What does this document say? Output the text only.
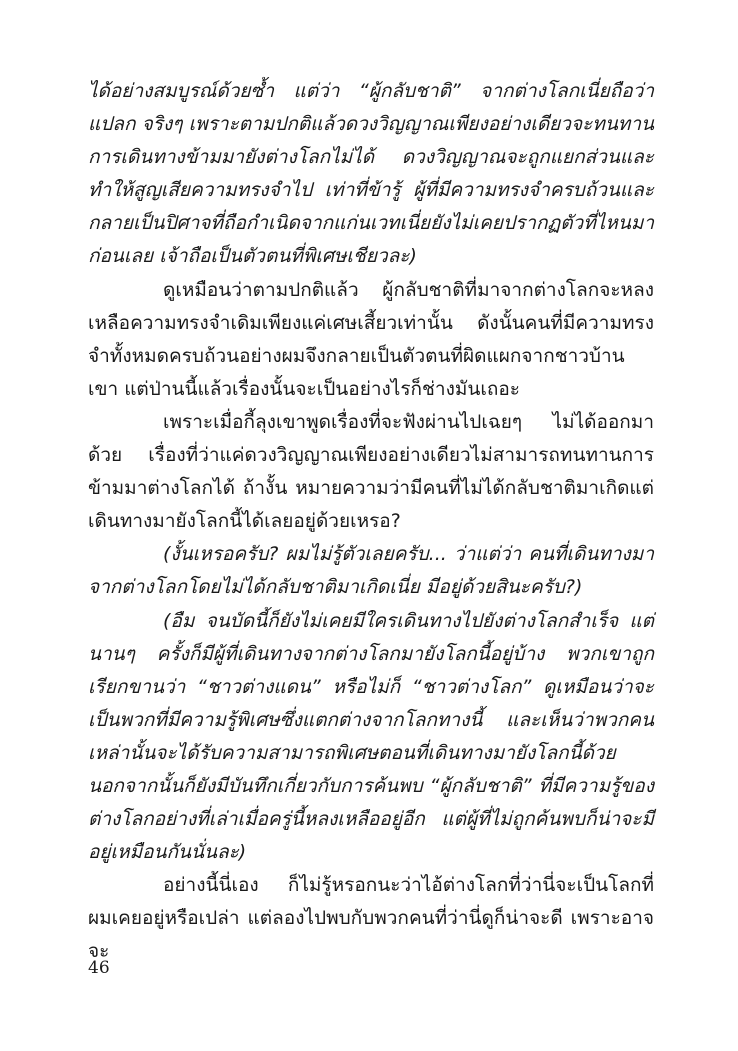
ได้อย่างสมบูรณ์ด้วยซ้ำ แต่ว่า “ผู้กลับชาติ” จากต่างโลกเนี่ยถือว่าแปลก จริงๆ เพราะตามปกติแล้วดวงวิญญาณเพียงอย่างเดียวจะทนทานการเดินทางข้ามมายังต่างโลกไม่ได้ ดวงวิญญาณจะถูกแยกส่วนและทำให้สูญเสียความทรงจำไป เท่าที่ข้ารู้ ผู้ที่มีความทรงจำครบถ้วนและกลายเป็นปิศาจที่ถือกำเนิดจากแก่นเวทเนี่ยยังไม่เคยปรากฏตัวที่ไหนมาก่อนเลย เจ้าถือเป็นตัวตนที่พิเศษเชียวละ)

ดูเหมือนว่าตามปกติแล้ว ผู้กลับชาติที่มาจากต่างโลกจะหลงเหลือความทรงจำเดิมเพียงแค่เศษเสี้ยวเท่านั้น ดังนั้นคนที่มีความทรงจำทั้งหมดครบถ้วนอย่างผมจึงกลายเป็นตัวตนที่ผิดแผกจากชาวบ้านเขา แต่ป่านนี้แล้วเรื่องนั้นจะเป็นอย่างไรก็ช่างมันเถอะ

เพราะเมื่อกี้ลุงเขาพูดเรื่องที่จะฟังผ่านไปเฉยๆ ไม่ได้ออกมาด้วย เรื่องที่ว่าแค่ดวงวิญญาณเพียงอย่างเดียวไม่สามารถทนทานการข้ามมาต่างโลกได้ ถ้างั้น หมายความว่ามีคนที่ไม่ได้กลับชาติมาเกิดแต่เดินทางมายังโลกนี้ได้เลยอยู่ด้วยเหรอ?

(งั้นเหรอครับ? ผมไม่รู้ตัวเลยครับ... ว่าแต่ว่า คนที่เดินทางมาจากต่างโลกโดยไม่ได้กลับชาติมาเกิดเนี่ย มีอยู่ด้วยสินะครับ?)

(อืม จนบัดนี้ก็ยังไม่เคยมีใครเดินทางไปยังต่างโลกสำเร็จ แต่นานๆ ครั้งก็มีผู้ที่เดินทางจากต่างโลกมายังโลกนี้อยู่บ้าง พวกเขาถูกเรียกขานว่า “ชาวต่างแดน” หรือไม่ก็ “ชาวต่างโลก” ดูเหมือนว่าจะเป็นพวกที่มีความรู้พิเศษซึ่งแตกต่างจากโลกทางนี้ และเห็นว่าพวกคนเหล่านั้นจะได้รับความสามารถพิเศษตอนที่เดินทางมายังโลกนี้ด้วย นอกจากนั้นก็ยังมีบันทึกเกี่ยวกับการค้นพบ “ผู้กลับชาติ” ที่มีความรู้ของต่างโลกอย่างที่เล่าเมื่อครู่นี้หลงเหลืออยู่อีก แต่ผู้ที่ไม่ถูกค้นพบก็น่าจะมีอยู่เหมือนกันนั่นละ)

อย่างนี้นี่เอง ก็ไม่รู้หรอกนะว่าไอ้ต่างโลกที่ว่านี่จะเป็นโลกที่ผมเคยอยู่หรือเปล่า แต่ลองไปพบกับพวกคนที่ว่านี่ดูก็น่าจะดี เพราะอาจจะ

46
